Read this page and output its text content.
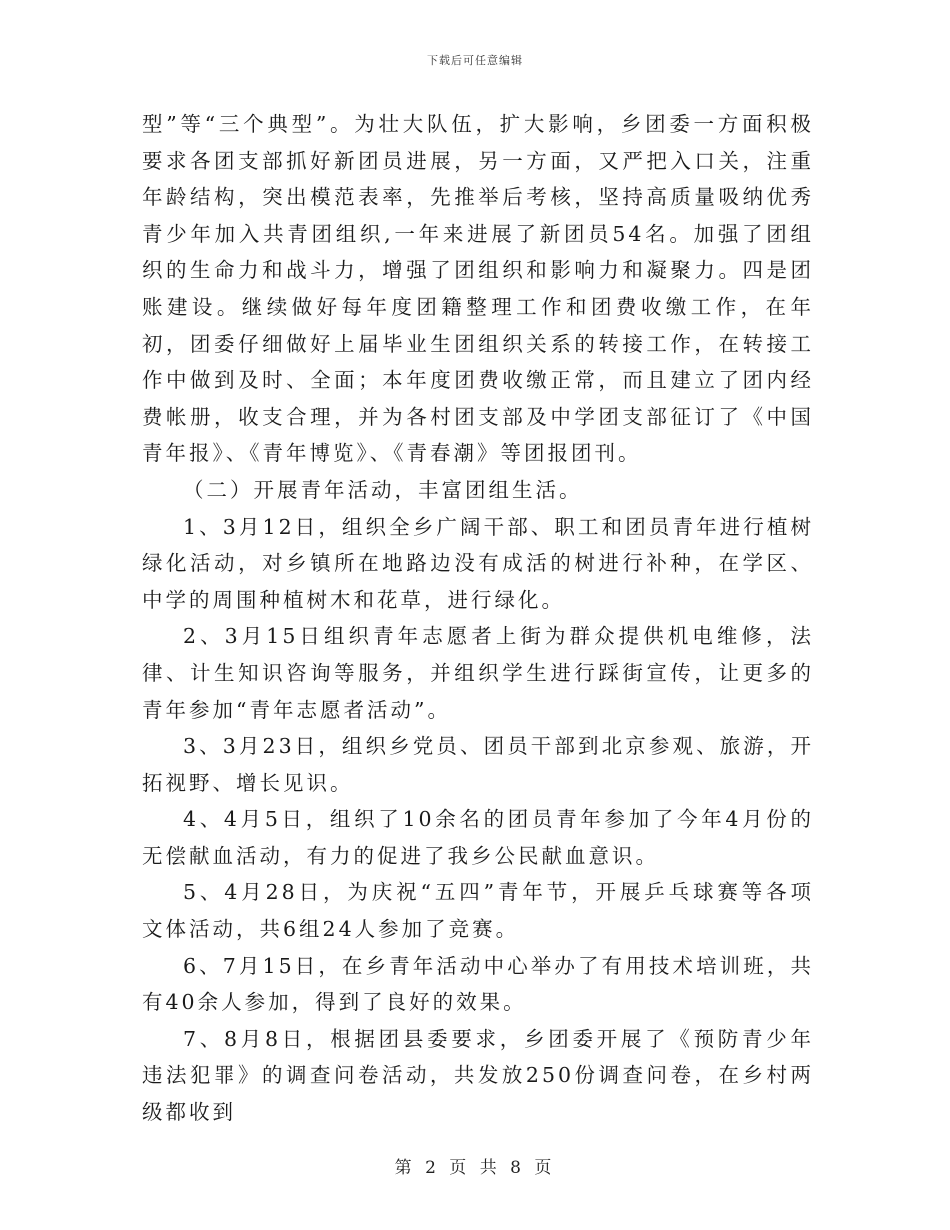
下载后可任意编辑

型”等“三个典型”。为壮大队伍，扩大影响，乡团委一方面积极要求各团支部抓好新团员进展，另一方面，又严把入口关，注重年龄结构，突出模范表率，先推举后考核，坚持高质量吸纳优秀青少年加入共青团组织,一年来进展了新团员54名。加强了团组织的生命力和战斗力，增强了团组织和影响力和凝聚力。四是团账建设。继续做好每年度团籍整理工作和团费收缴工作，在年初，团委仔细做好上届毕业生团组织关系的转接工作，在转接工作中做到及时、全面；本年度团费收缴正常，而且建立了团内经费帐册，收支合理，并为各村团支部及中学团支部征订了《中国青年报》、《青年博览》、《青春潮》等团报团刊。

（二）开展青年活动，丰富团组生活。

1、3月12日，组织全乡广阔干部、职工和团员青年进行植树绿化活动，对乡镇所在地路边没有成活的树进行补种，在学区、中学的周围种植树木和花草，进行绿化。

2、3月15日组织青年志愿者上街为群众提供机电维修，法律、计生知识咨询等服务，并组织学生进行踩街宣传，让更多的青年参加“青年志愿者活动”。

3、3月23日，组织乡党员、团员干部到北京参观、旅游，开拓视野、增长见识。

4、4月5日，组织了10余名的团员青年参加了今年4月份的无偿献血活动，有力的促进了我乡公民献血意识。

5、4月28日，为庆祝“五四”青年节，开展乒乓球赛等各项文体活动，共6组24人参加了竞赛。

6、7月15日，在乡青年活动中心举办了有用技术培训班，共有40余人参加，得到了良好的效果。

7、8月8日，根据团县委要求，乡团委开展了《预防青少年违法犯罪》的调查问卷活动，共发放250份调查问卷，在乡村两级都收到

第 2 页 共 8 页
